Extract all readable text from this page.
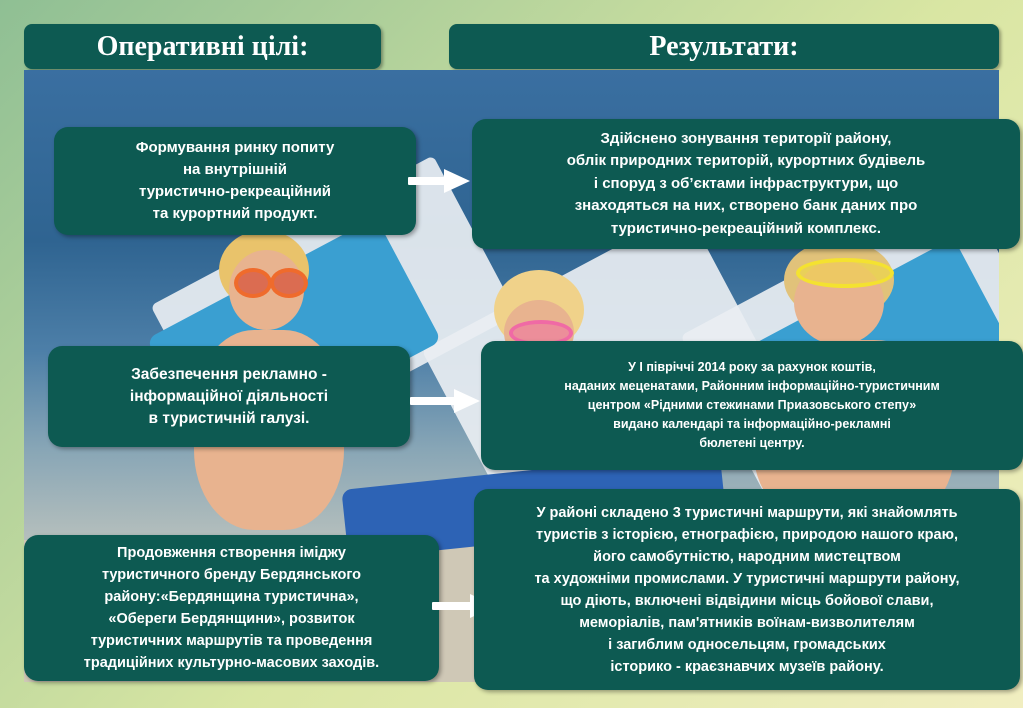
Оперативні цілі:	Результати:
Формування ринку попиту
на внутрішній
туристично-рекреаційний
та курортний продукт.
Забезпечення рекламно -
інформаційної діяльності
в туристичній галузі.
Продовження створення іміджу
туристичного бренду Бердянського
району:«Бердянщина туристична»,
«Обереги Бердянщини», розвиток
туристичних маршрутів та проведення
традиційних культурно-масових заходів.
Здійснено зонування території району,
облік природних територій, курортних будівель
і споруд з об’єктами інфраструктури, що
знаходяться на них, створено банк даних про
туристично-рекреаційний комплекс.
У І півріччі 2014 року за рахунок коштів,
наданих меценатами, Районним інформаційно-туристичним
центром «Рідними стежинами Приазовського степу»
видано календарі та інформаційно-рекламні
бюлетені центру.
У районі складено 3 туристичні маршрути, які знайомлять
туристів з історією, етнографією, природою нашого краю,
його самобутністю, народним мистецтвом
та художніми промислами. У туристичні маршрути району,
що діють, включені відвідини місць бойової слави,
меморіалів, пам'ятників воїнам-визволителям
і загиблим односельцям, громадських
історико - краєзнавчих музеїв району.
